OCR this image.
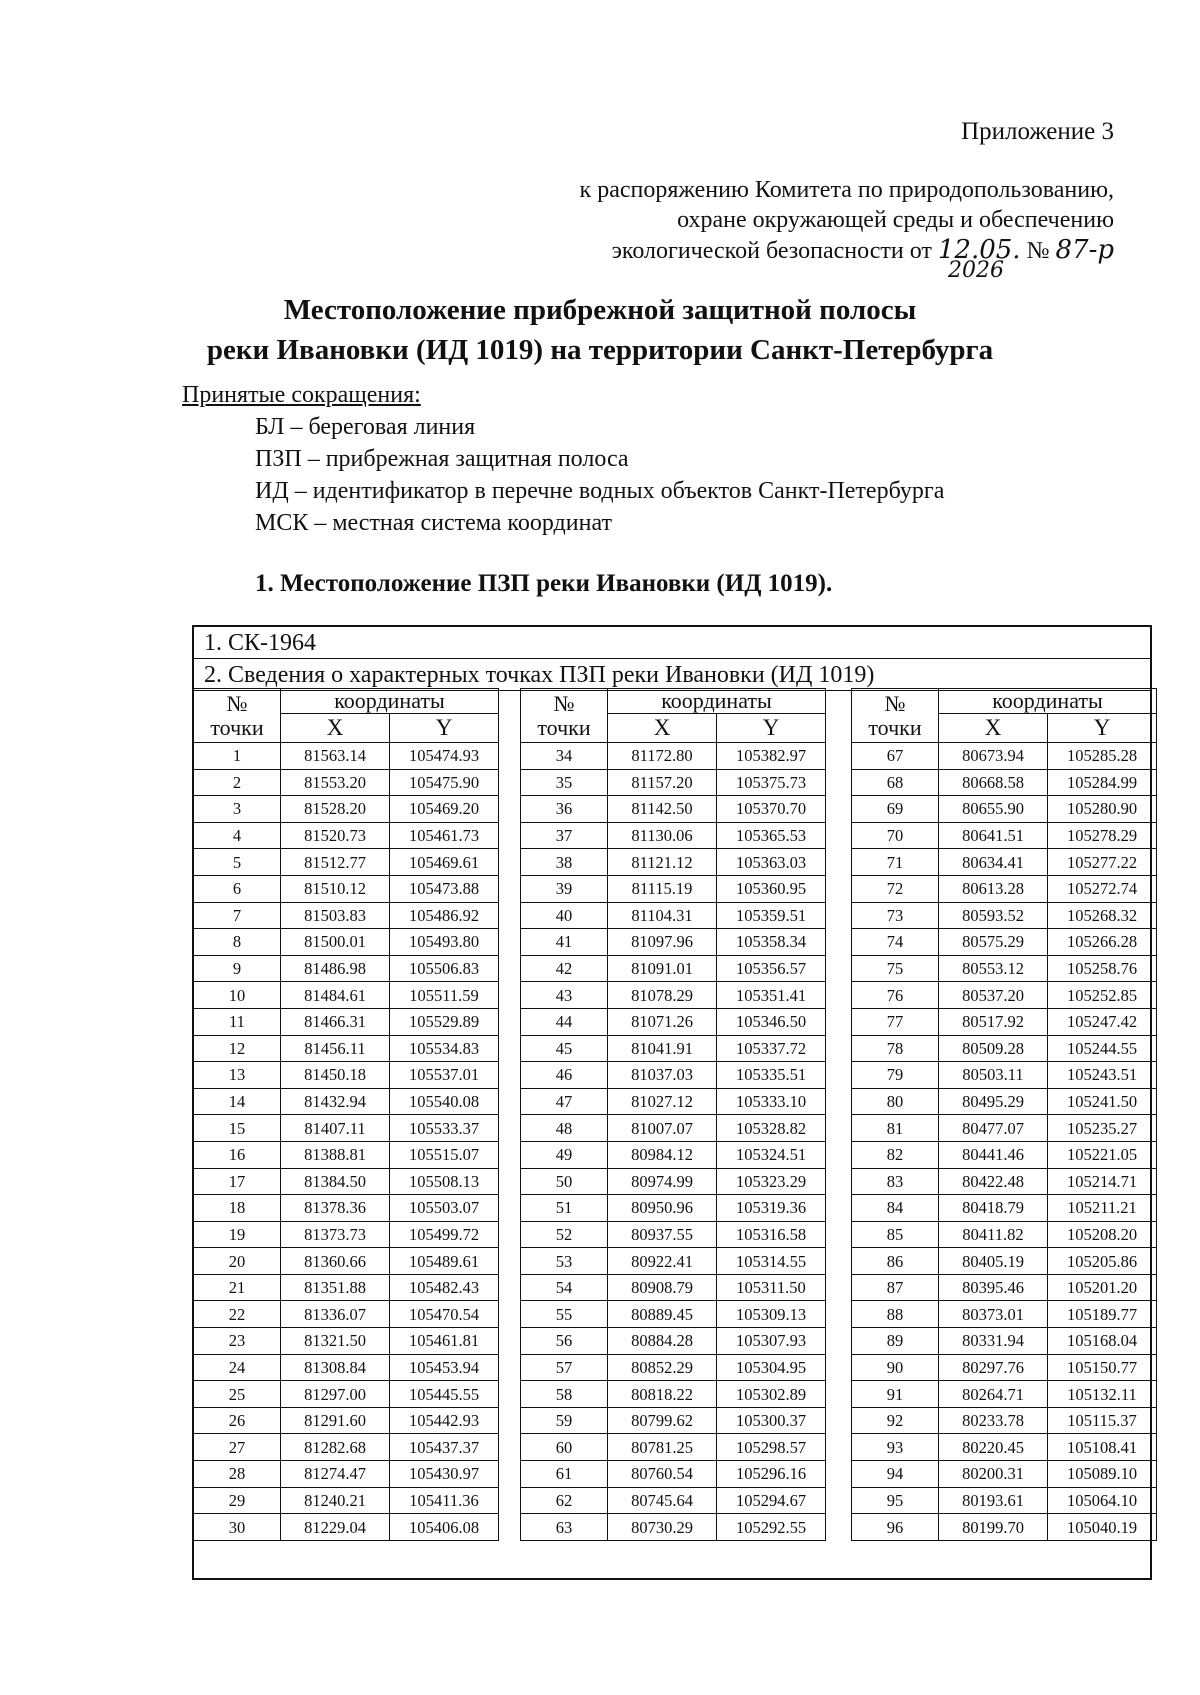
Приложение 3
к распоряжению Комитета по природопользованию,
охране окружающей среды и обеспечению
экологической безопасности от 12.05. № 87-р
2026
Местоположение прибрежной защитной полосы
реки Ивановки (ИД 1019) на территории Санкт-Петербурга
Принятые сокращения:
БЛ – береговая линия
ПЗП – прибрежная защитная полоса
ИД – идентификатор в перечне водных объектов Санкт-Петербурга
МСК – местная система координат
1. Местоположение ПЗП реки Ивановки (ИД 1019).
1. СК-1964
2. Сведения о характерных точках ПЗП реки Ивановки (ИД 1019)
№
точки	координаты	
	X	Y
1	81563.14	105474.93
2	81553.20	105475.90
3	81528.20	105469.20
4	81520.73	105461.73
5	81512.77	105469.61
6	81510.12	105473.88
7	81503.83	105486.92
8	81500.01	105493.80
9	81486.98	105506.83
10	81484.61	105511.59
11	81466.31	105529.89
12	81456.11	105534.83
13	81450.18	105537.01
14	81432.94	105540.08
15	81407.11	105533.37
16	81388.81	105515.07
17	81384.50	105508.13
18	81378.36	105503.07
19	81373.73	105499.72
20	81360.66	105489.61
21	81351.88	105482.43
22	81336.07	105470.54
23	81321.50	105461.81
24	81308.84	105453.94
25	81297.00	105445.55
26	81291.60	105442.93
27	81282.68	105437.37
28	81274.47	105430.97
29	81240.21	105411.36
30	81229.04	105406.08
№
точки	координаты	
	X	Y
34	81172.80	105382.97
35	81157.20	105375.73
36	81142.50	105370.70
37	81130.06	105365.53
38	81121.12	105363.03
39	81115.19	105360.95
40	81104.31	105359.51
41	81097.96	105358.34
42	81091.01	105356.57
43	81078.29	105351.41
44	81071.26	105346.50
45	81041.91	105337.72
46	81037.03	105335.51
47	81027.12	105333.10
48	81007.07	105328.82
49	80984.12	105324.51
50	80974.99	105323.29
51	80950.96	105319.36
52	80937.55	105316.58
53	80922.41	105314.55
54	80908.79	105311.50
55	80889.45	105309.13
56	80884.28	105307.93
57	80852.29	105304.95
58	80818.22	105302.89
59	80799.62	105300.37
60	80781.25	105298.57
61	80760.54	105296.16
62	80745.64	105294.67
63	80730.29	105292.55
№
точки	координаты	
	X	Y
67	80673.94	105285.28
68	80668.58	105284.99
69	80655.90	105280.90
70	80641.51	105278.29
71	80634.41	105277.22
72	80613.28	105272.74
73	80593.52	105268.32
74	80575.29	105266.28
75	80553.12	105258.76
76	80537.20	105252.85
77	80517.92	105247.42
78	80509.28	105244.55
79	80503.11	105243.51
80	80495.29	105241.50
81	80477.07	105235.27
82	80441.46	105221.05
83	80422.48	105214.71
84	80418.79	105211.21
85	80411.82	105208.20
86	80405.19	105205.86
87	80395.46	105201.20
88	80373.01	105189.77
89	80331.94	105168.04
90	80297.76	105150.77
91	80264.71	105132.11
92	80233.78	105115.37
93	80220.45	105108.41
94	80200.31	105089.10
95	80193.61	105064.10
96	80199.70	105040.19
